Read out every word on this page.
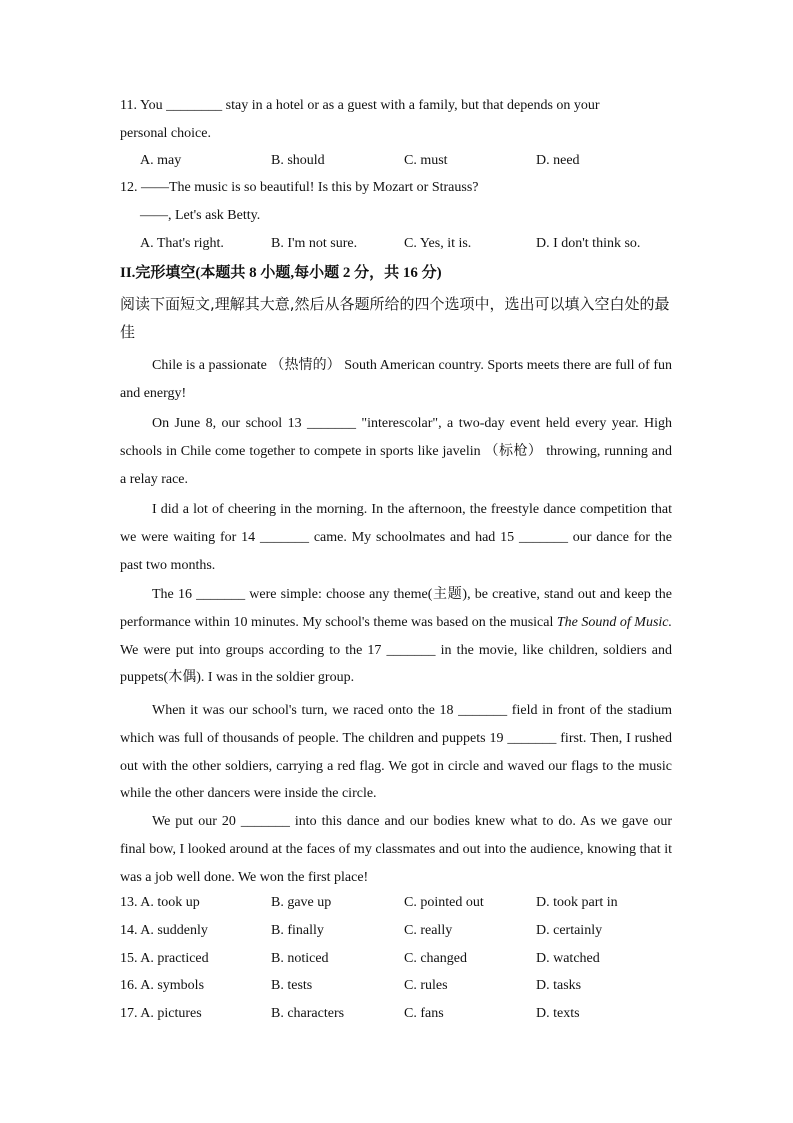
11. You ________ stay in a hotel or as a guest with a family, but that depends on your
personal choice.
A. may	B. should	C. must	D. need
12. ——The music is so beautiful! Is this by Mozart or Strauss?
——, Let's ask Betty.
A. That's right.	B. I'm not sure.	C. Yes, it is.	D. I don't think so.
II.完形填空(本题共 8 小题,每小题 2 分，共 16 分)
阅读下面短文,理解其大意,然后从各题所给的四个选项中，选出可以填入空白处的最佳
Chile is a passionate （热情的） South American country. Sports meets there are full of fun and energy!
On June 8, our school 13 _______ "interescolar", a two-day event held every year. High schools in Chile come together to compete in sports like javelin （标枪） throwing, running and a relay race.
I did a lot of cheering in the morning. In the afternoon, the freestyle dance competition that we were waiting for 14 _______ came. My schoolmates and had 15 _______ our dance for the past two months.
The 16 _______ were simple: choose any theme(主题), be creative, stand out and keep the performance within 10 minutes. My school's theme was based on the musical The Sound of Music. We were put into groups according to the 17 _______ in the movie, like children, soldiers and puppets(木偶). I was in the soldier group.
When it was our school's turn, we raced onto the 18 _______ field in front of the stadium which was full of thousands of people. The children and puppets 19 _______ first. Then, I rushed out with the other soldiers, carrying a red flag. We got in circle and waved our flags to the music while the other dancers were inside the circle.
We put our 20 _______ into this dance and our bodies knew what to do. As we gave our final bow, I looked around at the faces of my classmates and out into the audience, knowing that it was a job well done. We won the first place!
13. A. took up	B. gave up	C. pointed out	D. took part in
14. A. suddenly	B. finally	C. really	D. certainly
15. A. practiced	B. noticed	C. changed	D. watched
16. A. symbols	B. tests	C. rules	D. tasks
17. A. pictures	B. characters	C. fans	D. texts
